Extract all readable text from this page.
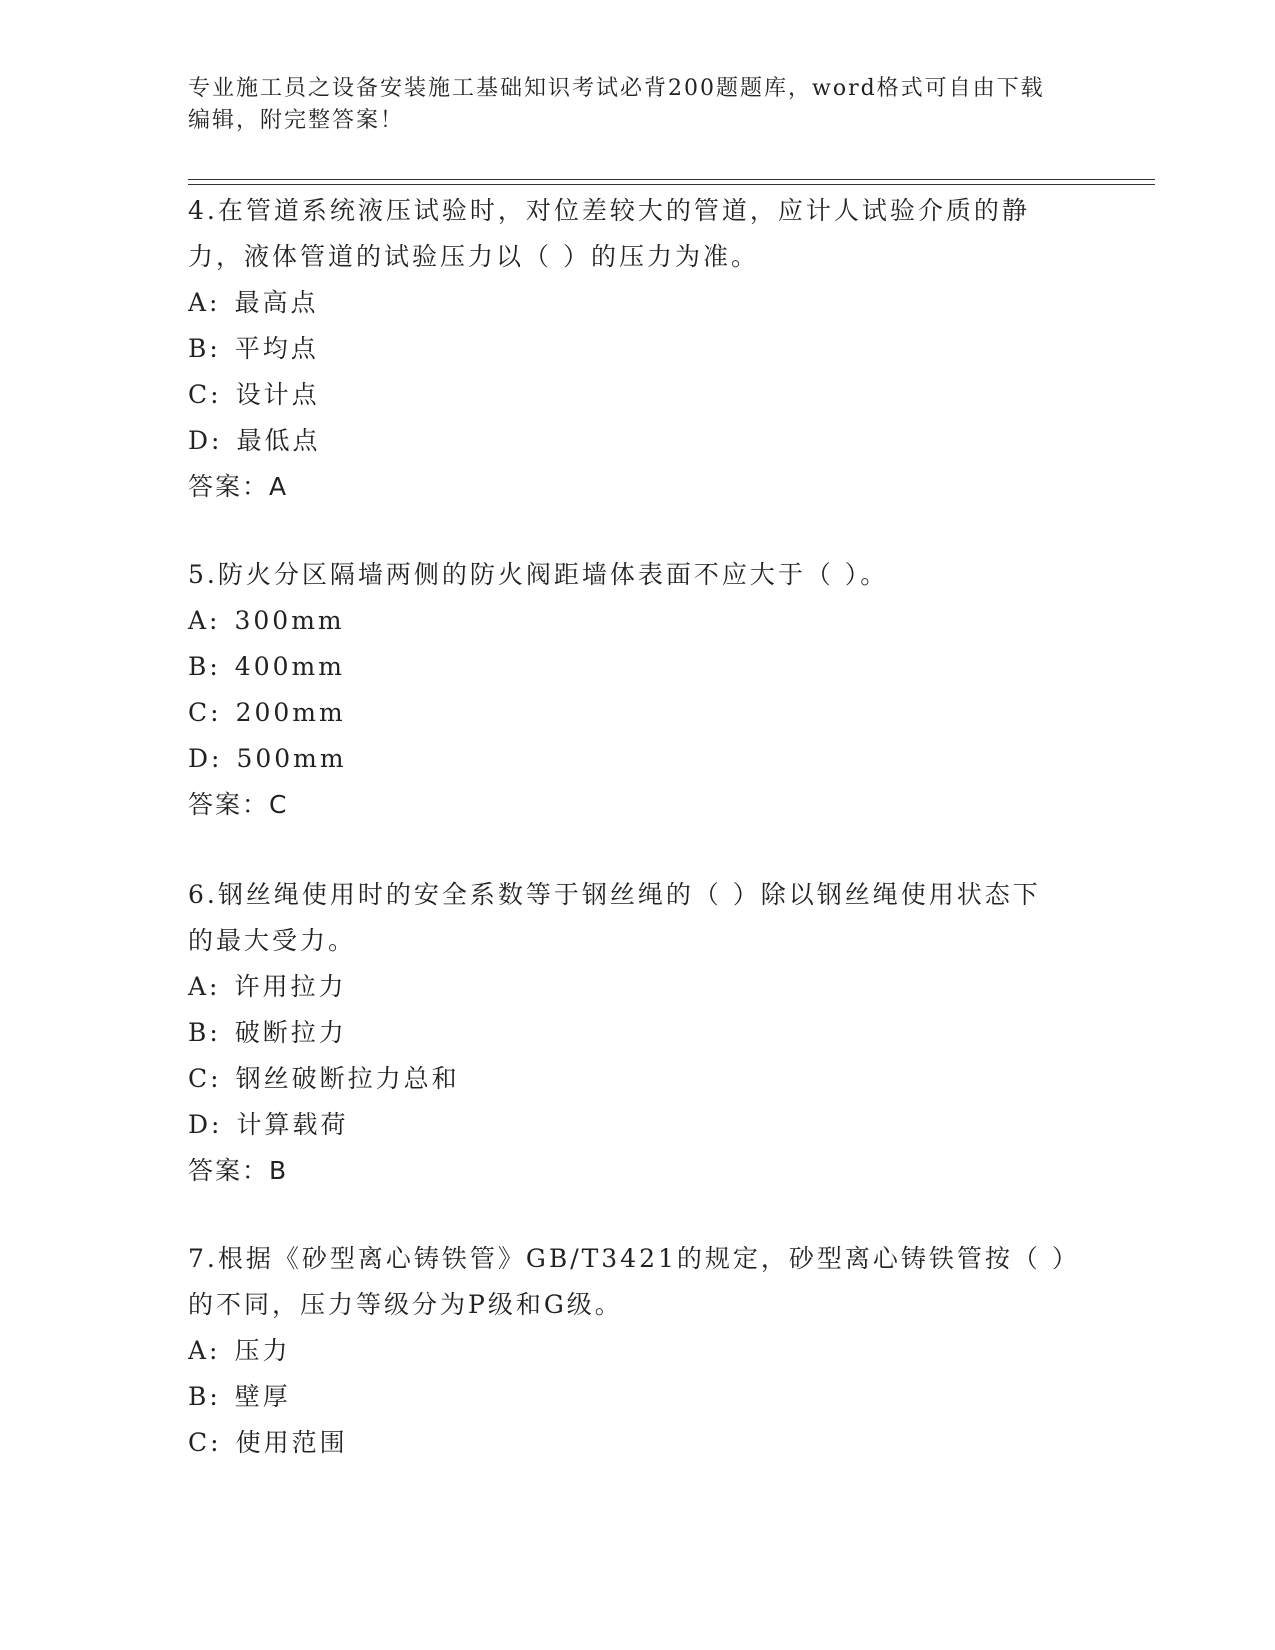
专业施工员之设备安装施工基础知识考试必背200题题库，word格式可自由下载
编辑，附完整答案！

4.在管道系统液压试验时，对位差较大的管道，应计人试验介质的静
力，液体管道的试验压力以（ ）的压力为准。

A: 最高点

B: 平均点

C: 设计点

D: 最低点

答案：A

5.防火分区隔墙两侧的防火阀距墙体表面不应大于（ ）。

A: 300mm

B: 400mm

C: 200mm

D: 500mm

答案：C

6.钢丝绳使用时的安全系数等于钢丝绳的（ ）除以钢丝绳使用状态下
的最大受力。

A: 许用拉力

B: 破断拉力

C: 钢丝破断拉力总和

D: 计算载荷

答案：B

7.根据《砂型离心铸铁管》GB/T3421的规定，砂型离心铸铁管按（ ）
的不同，压力等级分为P级和G级。

A: 压力

B: 壁厚

C: 使用范围
